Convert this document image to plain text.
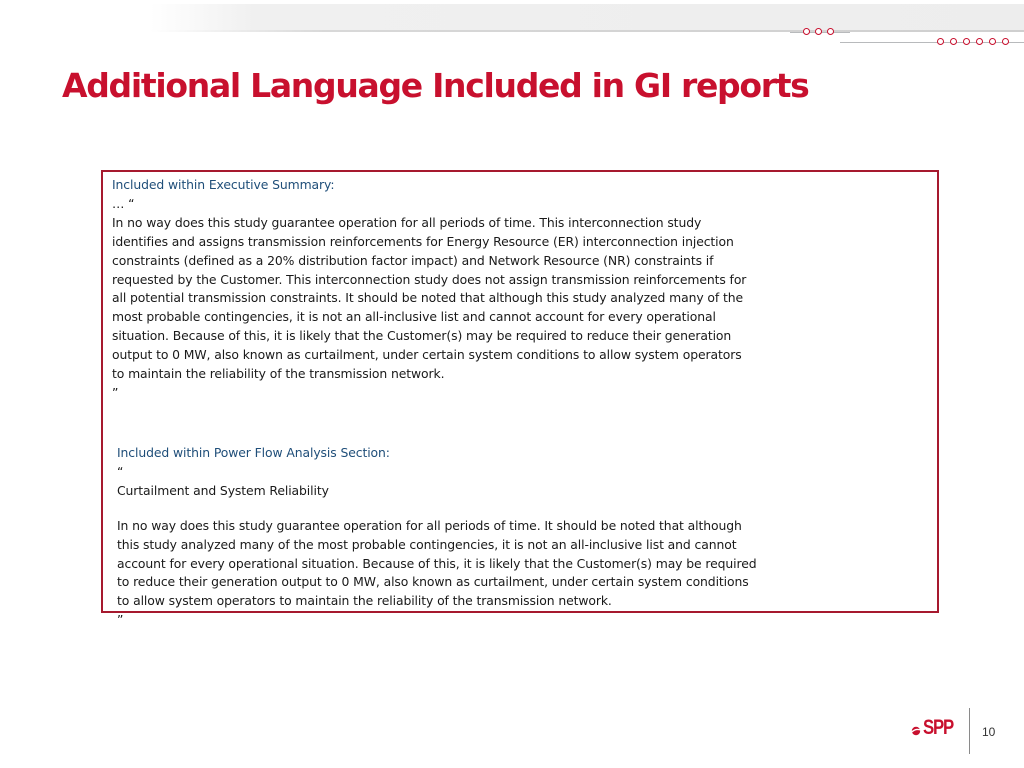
Additional Language Included in GI reports

Included within Executive Summary:

… “

In no way does this study guarantee operation for all periods of time. This interconnection study

identifies and assigns transmission reinforcements for Energy Resource (ER) interconnection injection

constraints (defined as a 20% distribution factor impact) and Network Resource (NR) constraints if

requested by the Customer. This interconnection study does not assign transmission reinforcements for

all potential transmission constraints. It should be noted that although this study analyzed many of the

most probable contingencies, it is not an all-inclusive list and cannot account for every operational

situation. Because of this, it is likely that the Customer(s) may be required to reduce their generation

output to 0 MW, also known as curtailment, under certain system conditions to allow system operators

to maintain the reliability of the transmission network.

”

Included within Power Flow Analysis Section:

“

Curtailment and System Reliability

In no way does this study guarantee operation for all periods of time. It should be noted that although

this study analyzed many of the most probable contingencies, it is not an all-inclusive list and cannot

account for every operational situation. Because of this, it is likely that the Customer(s) may be required

to reduce their generation output to 0 MW, also known as curtailment, under certain system conditions

to allow system operators to maintain the reliability of the transmission network.

”

SPP 10
